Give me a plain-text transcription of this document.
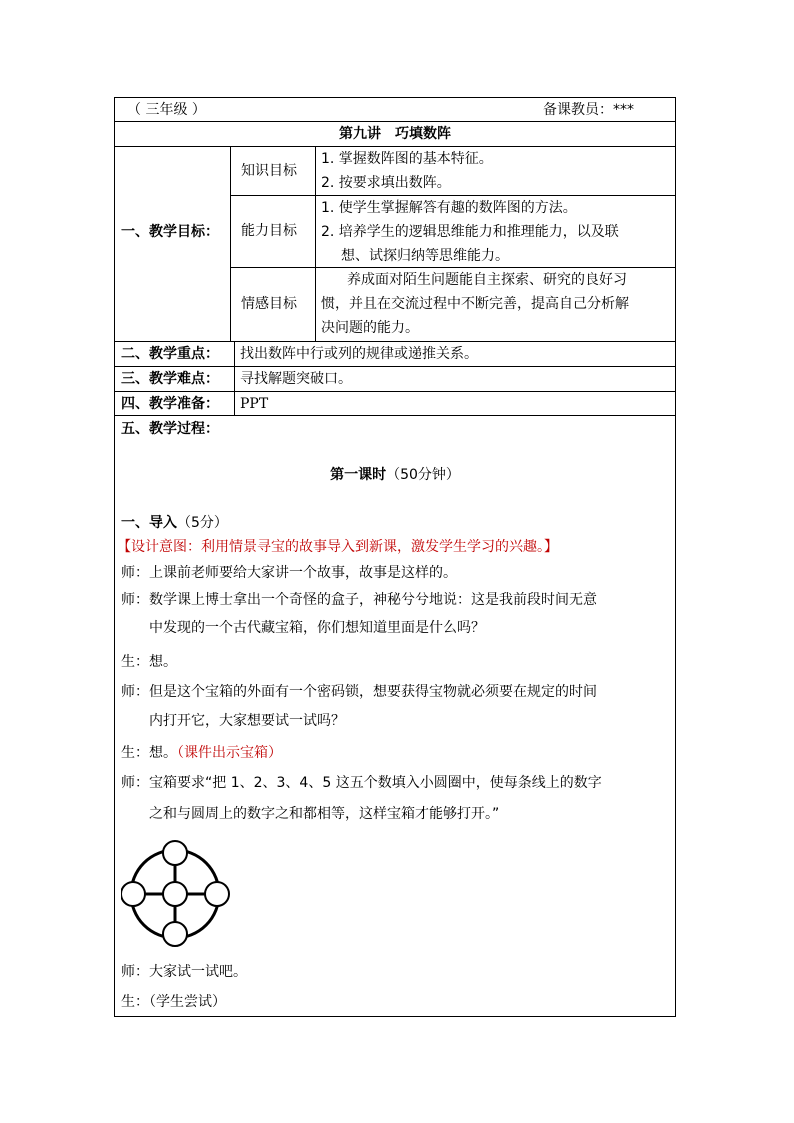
（ 三年级 ）	备课教员：***
第九讲　巧填数阵
一、教学目标：
知识目标
1. 掌握数阵图的基本特征。
2. 按要求填出数阵。
能力目标
1. 使学生掌握解答有趣的数阵图的方法。
2. 培养学生的逻辑思维能力和推理能力，以及联
想、试探归纳等思维能力。
情感目标
养成面对陌生问题能自主探索、研究的良好习
惯，并且在交流过程中不断完善，提高自己分析解
决问题的能力。
二、教学重点： 找出数阵中行或列的规律或递推关系。
三、教学难点： 寻找解题突破口。
四、教学准备： PPT
五、教学过程：
第一课时（50分钟）
一、导入（5分）
【设计意图：利用情景寻宝的故事导入到新课，激发学生学习的兴趣。】
师：上课前老师要给大家讲一个故事，故事是这样的。
师：数学课上博士拿出一个奇怪的盒子，神秘兮兮地说：这是我前段时间无意
中发现的一个古代藏宝箱，你们想知道里面是什么吗？
生：想。
师：但是这个宝箱的外面有一个密码锁，想要获得宝物就必须要在规定的时间
内打开它，大家想要试一试吗？
生：想。（课件出示宝箱）
师：宝箱要求“把 1、2、3、4、5 这五个数填入小圆圈中，使每条线上的数字
之和与圆周上的数字之和都相等，这样宝箱才能够打开。”
师：大家试一试吧。
生：（学生尝试）
